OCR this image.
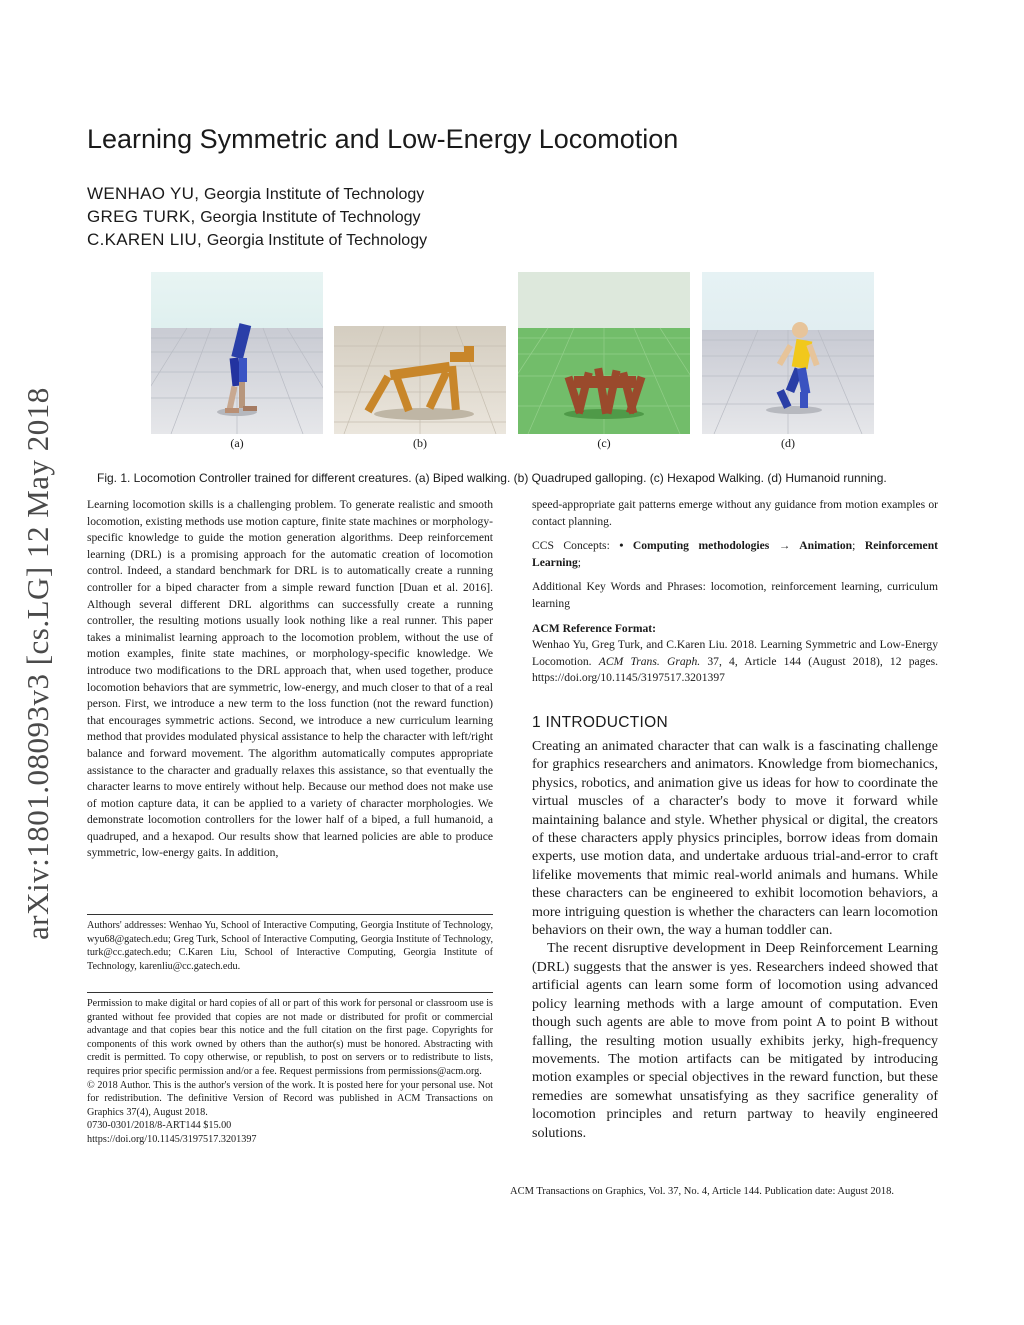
arXiv:1801.08093v3 [cs.LG] 12 May 2018
Learning Symmetric and Low-Energy Locomotion
WENHAO YU, Georgia Institute of Technology
GREG TURK, Georgia Institute of Technology
C.KAREN LIU, Georgia Institute of Technology
(a)	(b)	(c)	(d)
Fig. 1. Locomotion Controller trained for different creatures. (a) Biped walking. (b) Quadruped galloping. (c) Hexapod Walking. (d) Humanoid running.

Learning locomotion skills is a challenging problem. To generate realistic and smooth locomotion, existing methods use motion capture, finite state machines or morphology-specific knowledge to guide the motion generation algorithms. Deep reinforcement learning (DRL) is a promising approach for the automatic creation of locomotion control. Indeed, a standard benchmark for DRL is to automatically create a running controller for a biped character from a simple reward function [Duan et al. 2016]. Although several different DRL algorithms can successfully create a running controller, the resulting motions usually look nothing like a real runner. This paper takes a minimalist learning approach to the locomotion problem, without the use of motion examples, finite state machines, or morphology-specific knowledge. We introduce two modifications to the DRL approach that, when used together, produce locomotion behaviors that are symmetric, low-energy, and much closer to that of a real person. First, we introduce a new term to the loss function (not the reward function) that encourages symmetric actions. Second, we introduce a new curriculum learning method that provides modulated physical assistance to help the character with left/right balance and forward movement. The algorithm automatically computes appropriate assistance to the character and gradually relaxes this assistance, so that eventually the character learns to move entirely without help. Because our method does not make use of motion capture data, it can be applied to a variety of character morphologies. We demonstrate locomotion controllers for the lower half of a biped, a full humanoid, a quadruped, and a hexapod. Our results show that learned policies are able to produce symmetric, low-energy gaits. In addition,

speed-appropriate gait patterns emerge without any guidance from motion examples or contact planning.

CCS Concepts: • Computing methodologies → Animation; Reinforcement Learning;

Additional Key Words and Phrases: locomotion, reinforcement learning, curriculum learning

ACM Reference Format:

Wenhao Yu, Greg Turk, and C.Karen Liu. 2018. Learning Symmetric and Low-Energy Locomotion. ACM Trans. Graph. 37, 4, Article 144 (August 2018), 12 pages. https://doi.org/10.1145/3197517.3201397

Authors' addresses: Wenhao Yu, School of Interactive Computing, Georgia Institute of Technology, wyu68@gatech.edu; Greg Turk, School of Interactive Computing, Georgia Institute of Technology, turk@cc.gatech.edu; C.Karen Liu, School of Interactive Computing, Georgia Institute of Technology, karenliu@cc.gatech.edu.

Permission to make digital or hard copies of all or part of this work for personal or classroom use is granted without fee provided that copies are not made or distributed for profit or commercial advantage and that copies bear this notice and the full citation on the first page. Copyrights for components of this work owned by others than the author(s) must be honored. Abstracting with credit is permitted. To copy otherwise, or republish, to post on servers or to redistribute to lists, requires prior specific permission and/or a fee. Request permissions from permissions@acm.org.

© 2018 Author. This is the author's version of the work. It is posted here for your personal use. Not for redistribution. The definitive Version of Record was published in ACM Transactions on Graphics 37(4), August 2018.

0730-0301/2018/8-ART144 $15.00

https://doi.org/10.1145/3197517.3201397

1 INTRODUCTION

Creating an animated character that can walk is a fascinating challenge for graphics researchers and animators. Knowledge from biomechanics, physics, robotics, and animation give us ideas for how to coordinate the virtual muscles of a character's body to move it forward while maintaining balance and style. Whether physical or digital, the creators of these characters apply physics principles, borrow ideas from domain experts, use motion data, and undertake arduous trial-and-error to craft lifelike movements that mimic real-world animals and humans. While these characters can be engineered to exhibit locomotion behaviors, a more intriguing question is whether the characters can learn locomotion behaviors on their own, the way a human toddler can.

The recent disruptive development in Deep Reinforcement Learning (DRL) suggests that the answer is yes. Researchers indeed showed that artificial agents can learn some form of locomotion using advanced policy learning methods with a large amount of computation. Even though such agents are able to move from point A to point B without falling, the resulting motion usually exhibits jerky, high-frequency movements. The motion artifacts can be mitigated by introducing motion examples or special objectives in the reward function, but these remedies are somewhat unsatisfying as they sacrifice generality of locomotion principles and return partway to heavily engineered solutions.

ACM Transactions on Graphics, Vol. 37, No. 4, Article 144. Publication date: August 2018.
